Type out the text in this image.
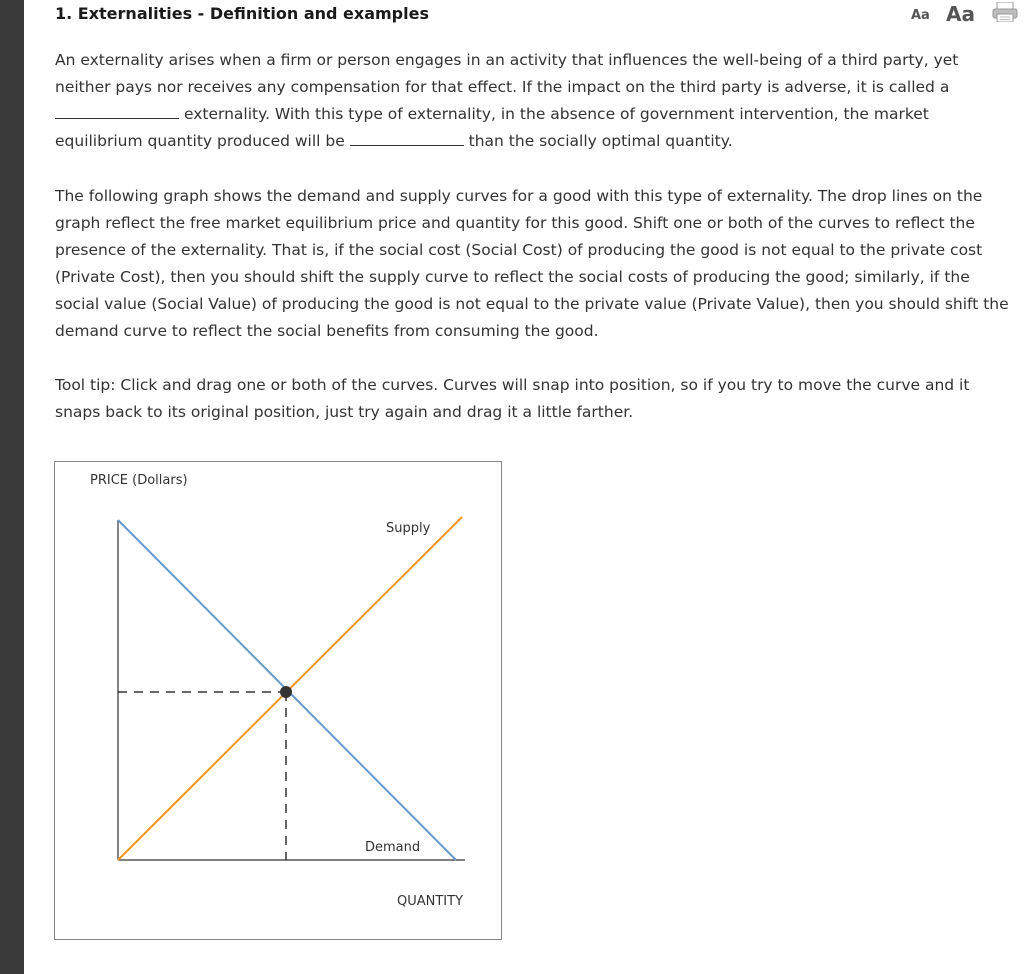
1. Externalities - Definition and examples	Aa Aa
An externality arises when a firm or person engages in an activity that influences the well-being of a third party, yet neither pays nor receives any compensation for that effect. If the impact on the third party is adverse, it is called a  externality. With this type of externality, in the absence of government intervention, the market equilibrium quantity produced will be	than the socially optimal quantity.
The following graph shows the demand and supply curves for a good with this type of externality. The drop lines on the graph reflect the free market equilibrium price and quantity for this good. Shift one or both of the curves to reflect the presence of the externality. That is, if the social cost (Social Cost) of producing the good is not equal to the private cost (Private Cost), then you should shift the supply curve to reflect the social costs of producing the good; similarly, if the social value (Social Value) of producing the good is not equal to the private value (Private Value), then you should shift the demand curve to reflect the social benefits from consuming the good.
Tool tip: Click and drag one or both of the curves. Curves will snap into position, so if you try to move the curve and it snaps back to its original position, just try again and drag it a little farther.
PRICE (Dollars)
Supply
Demand
QUANTITY
